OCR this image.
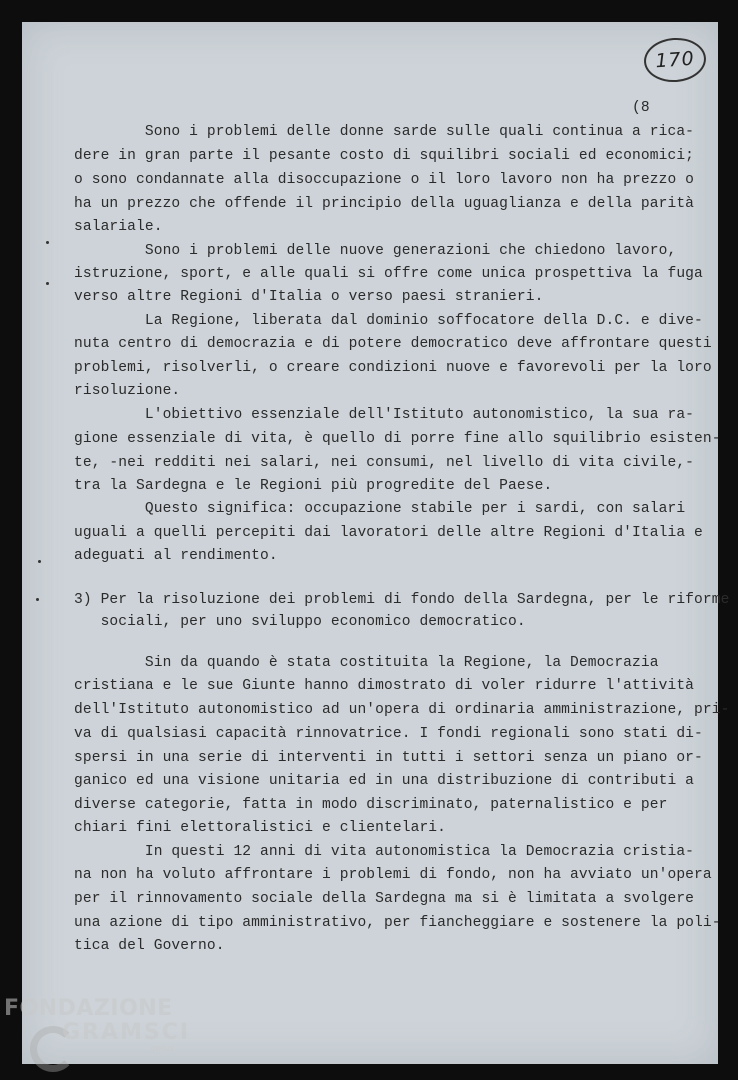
170
(8
Sono i problemi delle donne sarde sulle quali continua a rica-
dere in gran parte il pesante costo di squilibri sociali ed economici;
o sono condannate alla disoccupazione o il loro lavoro non ha prezzo o
ha un prezzo che offende il principio della uguaglianza e della parità
salariale.
Sono i problemi delle nuove generazioni che chiedono lavoro,
istruzione, sport, e alle quali si offre come unica prospettiva la fuga
verso altre Regioni d'Italia o verso paesi stranieri.
La Regione, liberata dal dominio soffocatore della D.C. e dive-
nuta centro di democrazia e di potere democratico deve affrontare questi
problemi, risolverli, o creare condizioni nuove e favorevoli per la loro
risoluzione.
L'obiettivo essenziale dell'Istituto autonomistico, la sua ra-
gione essenziale di vita, è quello di porre fine allo squilibrio esisten-
te, -nei redditi nei salari, nei consumi, nel livello di vita civile,-
tra la Sardegna e le Regioni più progredite del Paese.
Questo significa: occupazione stabile per i sardi, con salari
uguali a quelli percepiti dai lavoratori delle altre Regioni d'Italia e
adeguati al rendimento.
3) Per la risoluzione dei problemi di fondo della Sardegna, per le riforme
sociali, per uno sviluppo economico democratico.
Sin da quando è stata costituita la Regione, la Democrazia
cristiana e le sue Giunte hanno dimostrato di voler ridurre l'attività
dell'Istituto autonomistico ad un'opera di ordinaria amministrazione, pri-
va di qualsiasi capacità rinnovatrice. I fondi regionali sono stati di-
spersi in una serie di interventi in tutti i settori senza un piano or-
ganico ed una visione unitaria ed in una distribuzione di contributi a
diverse categorie, fatta in modo discriminato, paternalistico e per
chiari fini elettoralistici e clientelari.
In questi 12 anni di vita autonomistica la Democrazia cristia-
na non ha voluto affrontare i problemi di fondo, non ha avviato un'opera
per il rinnovamento sociale della Sardegna ma si è limitata a svolgere
una azione di tipo amministrativo, per fiancheggiare e sostenere la poli-
tica del Governo.
FONDAZIONE
GRAMSCI
onlus
